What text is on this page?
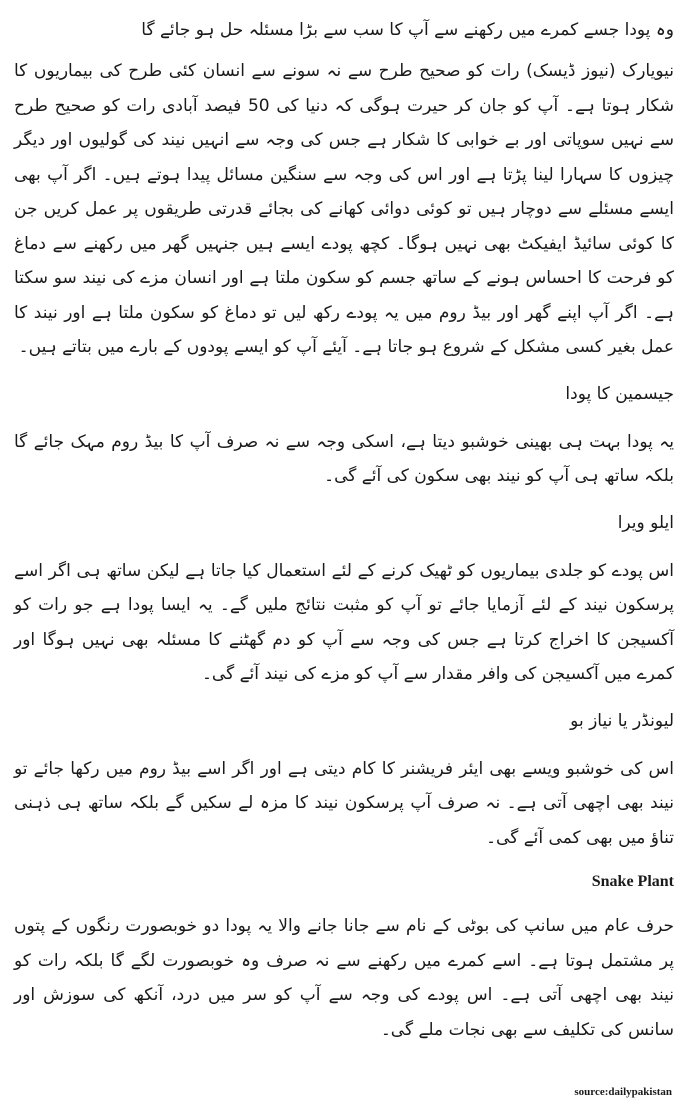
وہ پودا جسے کمرے میں رکھنے سے آپ کا سب سے بڑا مسئلہ حل ہو جائے گا

نیویارک (نیوز ڈیسک) رات کو صحیح طرح سے نہ سونے سے انسان کئی طرح کی بیماریوں کا شکار ہوتا ہے۔ آپ کو جان کر حیرت ہوگی کہ دنیا کی 50 فیصد آبادی رات کو صحیح طرح سے نہیں سوپاتی اور بے خوابی کا شکار ہے جس کی وجہ سے انہیں نیند کی گولیوں اور دیگر چیزوں کا سہارا لینا پڑتا ہے اور اس کی وجہ سے سنگین مسائل پیدا ہوتے ہیں۔ اگر آپ بھی ایسے مسئلے سے دوچار ہیں تو کوئی دوائی کھانے کی بجائے قدرتی طریقوں پر عمل کریں جن کا کوئی سائیڈ ایفیکٹ بھی نہیں ہوگا۔ کچھ پودے ایسے ہیں جنہیں گھر میں رکھنے سے دماغ کو فرحت کا احساس ہونے کے ساتھ جسم کو سکون ملتا ہے اور انسان مزے کی نیند سو سکتا ہے۔ اگر آپ اپنے گھر اور بیڈ روم میں یہ پودے رکھ لیں تو دماغ کو سکون ملتا ہے اور نیند کا عمل بغیر کسی مشکل کے شروع ہو جاتا ہے۔ آیئے آپ کو ایسے پودوں کے بارے میں بتاتے ہیں۔

جیسمین کا پودا

یہ پودا بہت ہی بھینی خوشبو دیتا ہے، اسکی وجہ سے نہ صرف آپ کا بیڈ روم مہک جائے گا بلکہ ساتھ ہی آپ کو نیند بھی سکون کی آئے گی۔

ایلو ویرا

اس پودے کو جلدی بیماریوں کو ٹھیک کرنے کے لئے استعمال کیا جاتا ہے لیکن ساتھ ہی اگر اسے پرسکون نیند کے لئے آزمایا جائے تو آپ کو مثبت نتائج ملیں گے۔ یہ ایسا پودا ہے جو رات کو آکسیجن کا اخراج کرتا ہے جس کی وجہ سے آپ کو دم گھٹنے کا مسئلہ بھی نہیں ہوگا اور کمرے میں آکسیجن کی وافر مقدار سے آپ کو مزے کی نیند آئے گی۔

لیونڈر یا نیاز بو

اس کی خوشبو ویسے بھی ایئر فریشنر کا کام دیتی ہے اور اگر اسے بیڈ روم میں رکھا جائے تو نیند بھی اچھی آتی ہے۔ نہ صرف آپ پرسکون نیند کا مزہ لے سکیں گے بلکہ ساتھ ہی ذہنی تناؤ میں بھی کمی آئے گی۔

Snake Plant

حرف عام میں سانپ کی بوٹی کے نام سے جانا جانے والا یہ پودا دو خوبصورت رنگوں کے پتوں پر مشتمل ہوتا ہے۔ اسے کمرے میں رکھنے سے نہ صرف وہ خوبصورت لگے گا بلکہ رات کو نیند بھی اچھی آتی ہے۔ اس پودے کی وجہ سے آپ کو سر میں درد، آنکھ کی سوزش اور سانس کی تکلیف سے بھی نجات ملے گی۔

source:dailypakistan
